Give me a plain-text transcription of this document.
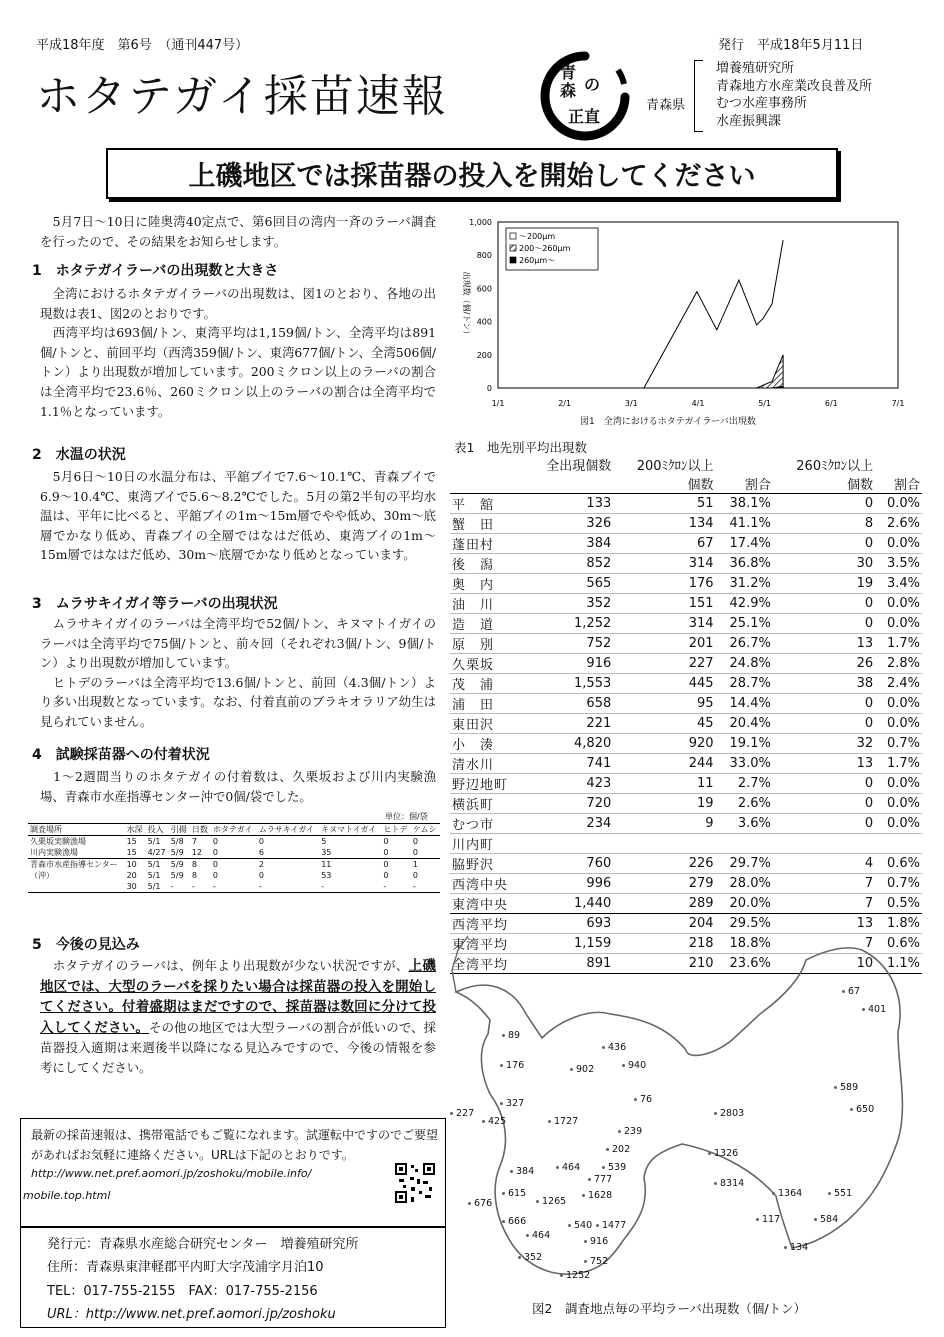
平成18年度　第6号　（通刊447号）	発行　平成18年5月11日
ホタテガイ採苗速報	青
森 の
正直
青森県
増養殖研究所
青森地方水産業改良普及所
むつ水産事務所
水産振興課
上磯地区では採苗器の投入を開始してください
　5月7日～10日に陸奥湾40定点で、第6回目の湾内一斉のラーバ調査を行ったので、その結果をお知らせします。
1　ホタテガイラーバの出現数と大きさ
　全湾におけるホタテガイラーバの出現数は、図1のとおり、各地の出現数は表1、図2のとおりです。
　西湾平均は693個/トン、東湾平均は1,159個/トン、全湾平均は891個/トンと、前回平均（西湾359個/トン、東湾677個/トン、全湾506個/トン）より出現数が増加しています。200ミクロン以上のラーバの割合は全湾平均で23.6％、260ミクロン以上のラーバの割合は全湾平均で1.1％となっています。
2　水温の状況
　5月6日～10日の水温分布は、平舘ブイで7.6～10.1℃、青森ブイで6.9～10.4℃、東湾ブイで5.6～8.2℃でした。5月の第2半旬の平均水温は、平年に比べると、平舘ブイの1m～15m層でやや低め、30m～底層でかなり低め、青森ブイの全層ではなはだ低め、東湾ブイの1m～15m層ではなはだ低め、30m～底層でかなり低めとなっています。
3　ムラサキイガイ等ラーバの出現状況
　ムラサキイガイのラーバは全湾平均で52個/トン、キヌマトイガイのラーバは全湾平均で75個/トンと、前々回（それぞれ3個/トン、9個/トン）より出現数が増加しています。
　ヒトデのラーバは全湾平均で13.6個/トンと、前回（4.3個/トン）より多い出現数となっています。なお、付着直前のブラキオラリア幼生は見られていません。
4　試験採苗器への付着状況
　1～2週間当りのホタテガイの付着数は、久栗坂および川内実験漁場、青森市水産指導センター沖で0個/袋でした。
単位：個/袋
調査場所	水深	投入	引揚	日数	ホタテガイ	ムラサキイガイ	キヌマトイガイ	ヒトデ	ケムシ
久栗坂実験漁場	15	5/1	5/8	7	0	0	5	0	0
川内実験漁場	15	4/27	5/9	12	0	6	35	0	0
青森市水産指導センター	10	5/1	5/9	8	0	2	11	0	1
（沖）	20	5/1	5/9	8	0	0	53	0	0
	30	5/1	-	-	-	-	-	-	-
5　今後の見込み
　ホタテガイのラーバは、例年より出現数が少ない状況ですが、上磯地区では、大型のラーバを採りたい場合は採苗器の投入を開始してください。付着盛期はまだですので、採苗器は数回に分けて投入してください。その他の地区では大型ラーバの割合が低いので、採苗器投入適期は来週後半以降になる見込みですので、今後の情報を参考にしてください。
最新の採苗速報は、携帯電話でもご覧になれます。試運転中ですのでご要望があればお気軽に連絡ください。URLは下記のとおりです。
http://www.net.pref.aomori.jp/zoshoku/mobile.info/
mobile.top.html
発行元：青森県水産総合研究センター　増養殖研究所
住所：青森県東津軽郡平内町大字茂浦字月泊10
TEL：017-755-2155　FAX：017-755-2156
URL：http://www.net.pref.aomori.jp/zoshoku
1,000
800
600
400
200
0
1/1	2/1	3/1	4/1	5/1	6/1	7/1
出現数（個/トン）
～200μm
200～260μm
260μm～
図1　全湾におけるホタテガイラーバ出現数
表1　地先別平均出現数
	全出現個数	200ﾐｸﾛﾝ以上		260ﾐｸﾛﾝ以上	
		個数	割合	個数	割合
平　舘	133	51	38.1%	0	0.0%
蟹　田	326	134	41.1%	8	2.6%
蓬田村	384	67	17.4%	0	0.0%
後　潟	852	314	36.8%	30	3.5%
奥　内	565	176	31.2%	19	3.4%
油　川	352	151	42.9%	0	0.0%
造　道	1,252	314	25.1%	0	0.0%
原　別	752	201	26.7%	13	1.7%
久栗坂	916	227	24.8%	26	2.8%
茂　浦	1,553	445	28.7%	38	2.4%
浦　田	658	95	14.4%	0	0.0%
東田沢	221	45	20.4%	0	0.0%
小　湊	4,820	920	19.1%	32	0.7%
清水川	741	244	33.0%	13	1.7%
野辺地町	423	11	2.7%	0	0.0%
横浜町	720	19	2.6%	0	0.0%
むつ市	234	9	3.6%	0	0.0%
川内町					
脇野沢	760	226	29.7%	4	0.6%
西湾中央	996	279	28.0%	7	0.7%
東湾中央	1,440	289	20.0%	7	0.5%
西湾平均	693	204	29.5%	13	1.8%
東湾平均	1,159	218	18.8%	7	0.6%
全湾平均	891	210	23.6%	10	1.1%
67
401
89
436
176	902	940
589
650
327	76
227
425	1727
2803
239
202	1326
384	464	539
777	8314
615	1628	1364	551
676	1265
666	540 1477
117	584
464
916
134
352	752
1252
図2　調査地点毎の平均ラーバ出現数（個/トン）
